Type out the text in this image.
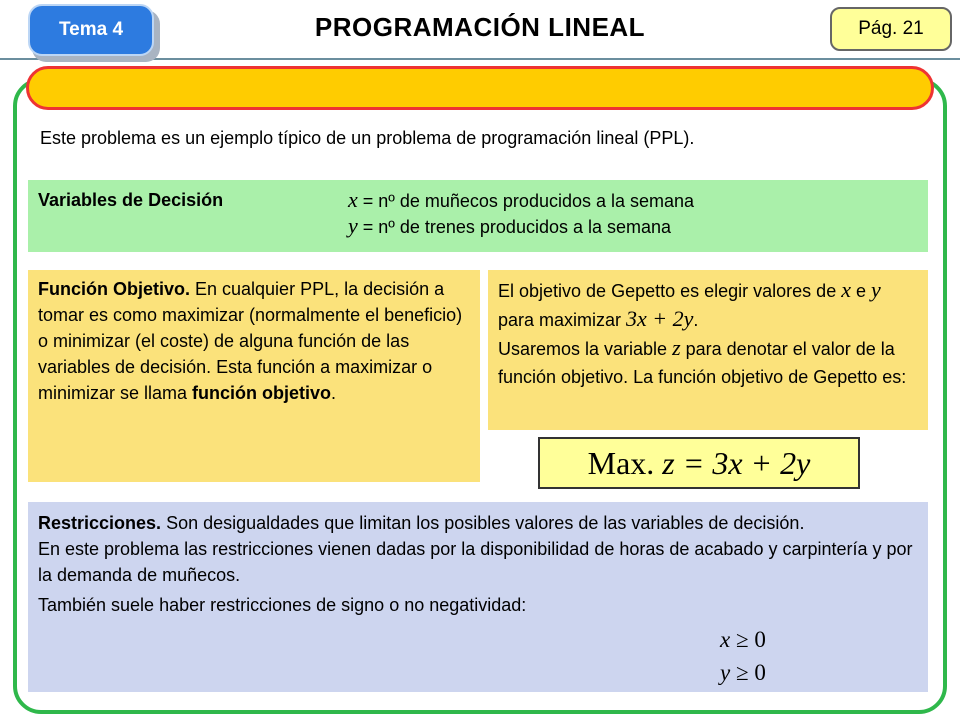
Tema 4	PROGRAMACIÓN LINEAL	Pág. 21
Este problema es un ejemplo típico de un problema de programación lineal (PPL).
Variables de Decisión	x = nº de muñecos producidos a la semana
y = nº de trenes producidos a la semana
Función Objetivo. En cualquier PPL, la decisión a tomar es como maximizar (normalmente el beneficio) o minimizar (el coste) de alguna función de las variables de decisión. Esta función a maximizar o minimizar se llama función objetivo.
El objetivo de Gepetto es elegir valores de x e y para maximizar 3x + 2y.
Usaremos la variable z para denotar el valor de la función objetivo. La función objetivo de Gepetto es:
Max.
z = 3x + 2y
Restricciones. Son desigualdades que limitan los posibles valores de las variables de decisión.
En este problema las restricciones vienen dadas por la disponibilidad de horas de acabado y carpintería y por la demanda de muñecos.
También suele haber restricciones de signo o no negatividad:
x ≥ 0
y ≥ 0
